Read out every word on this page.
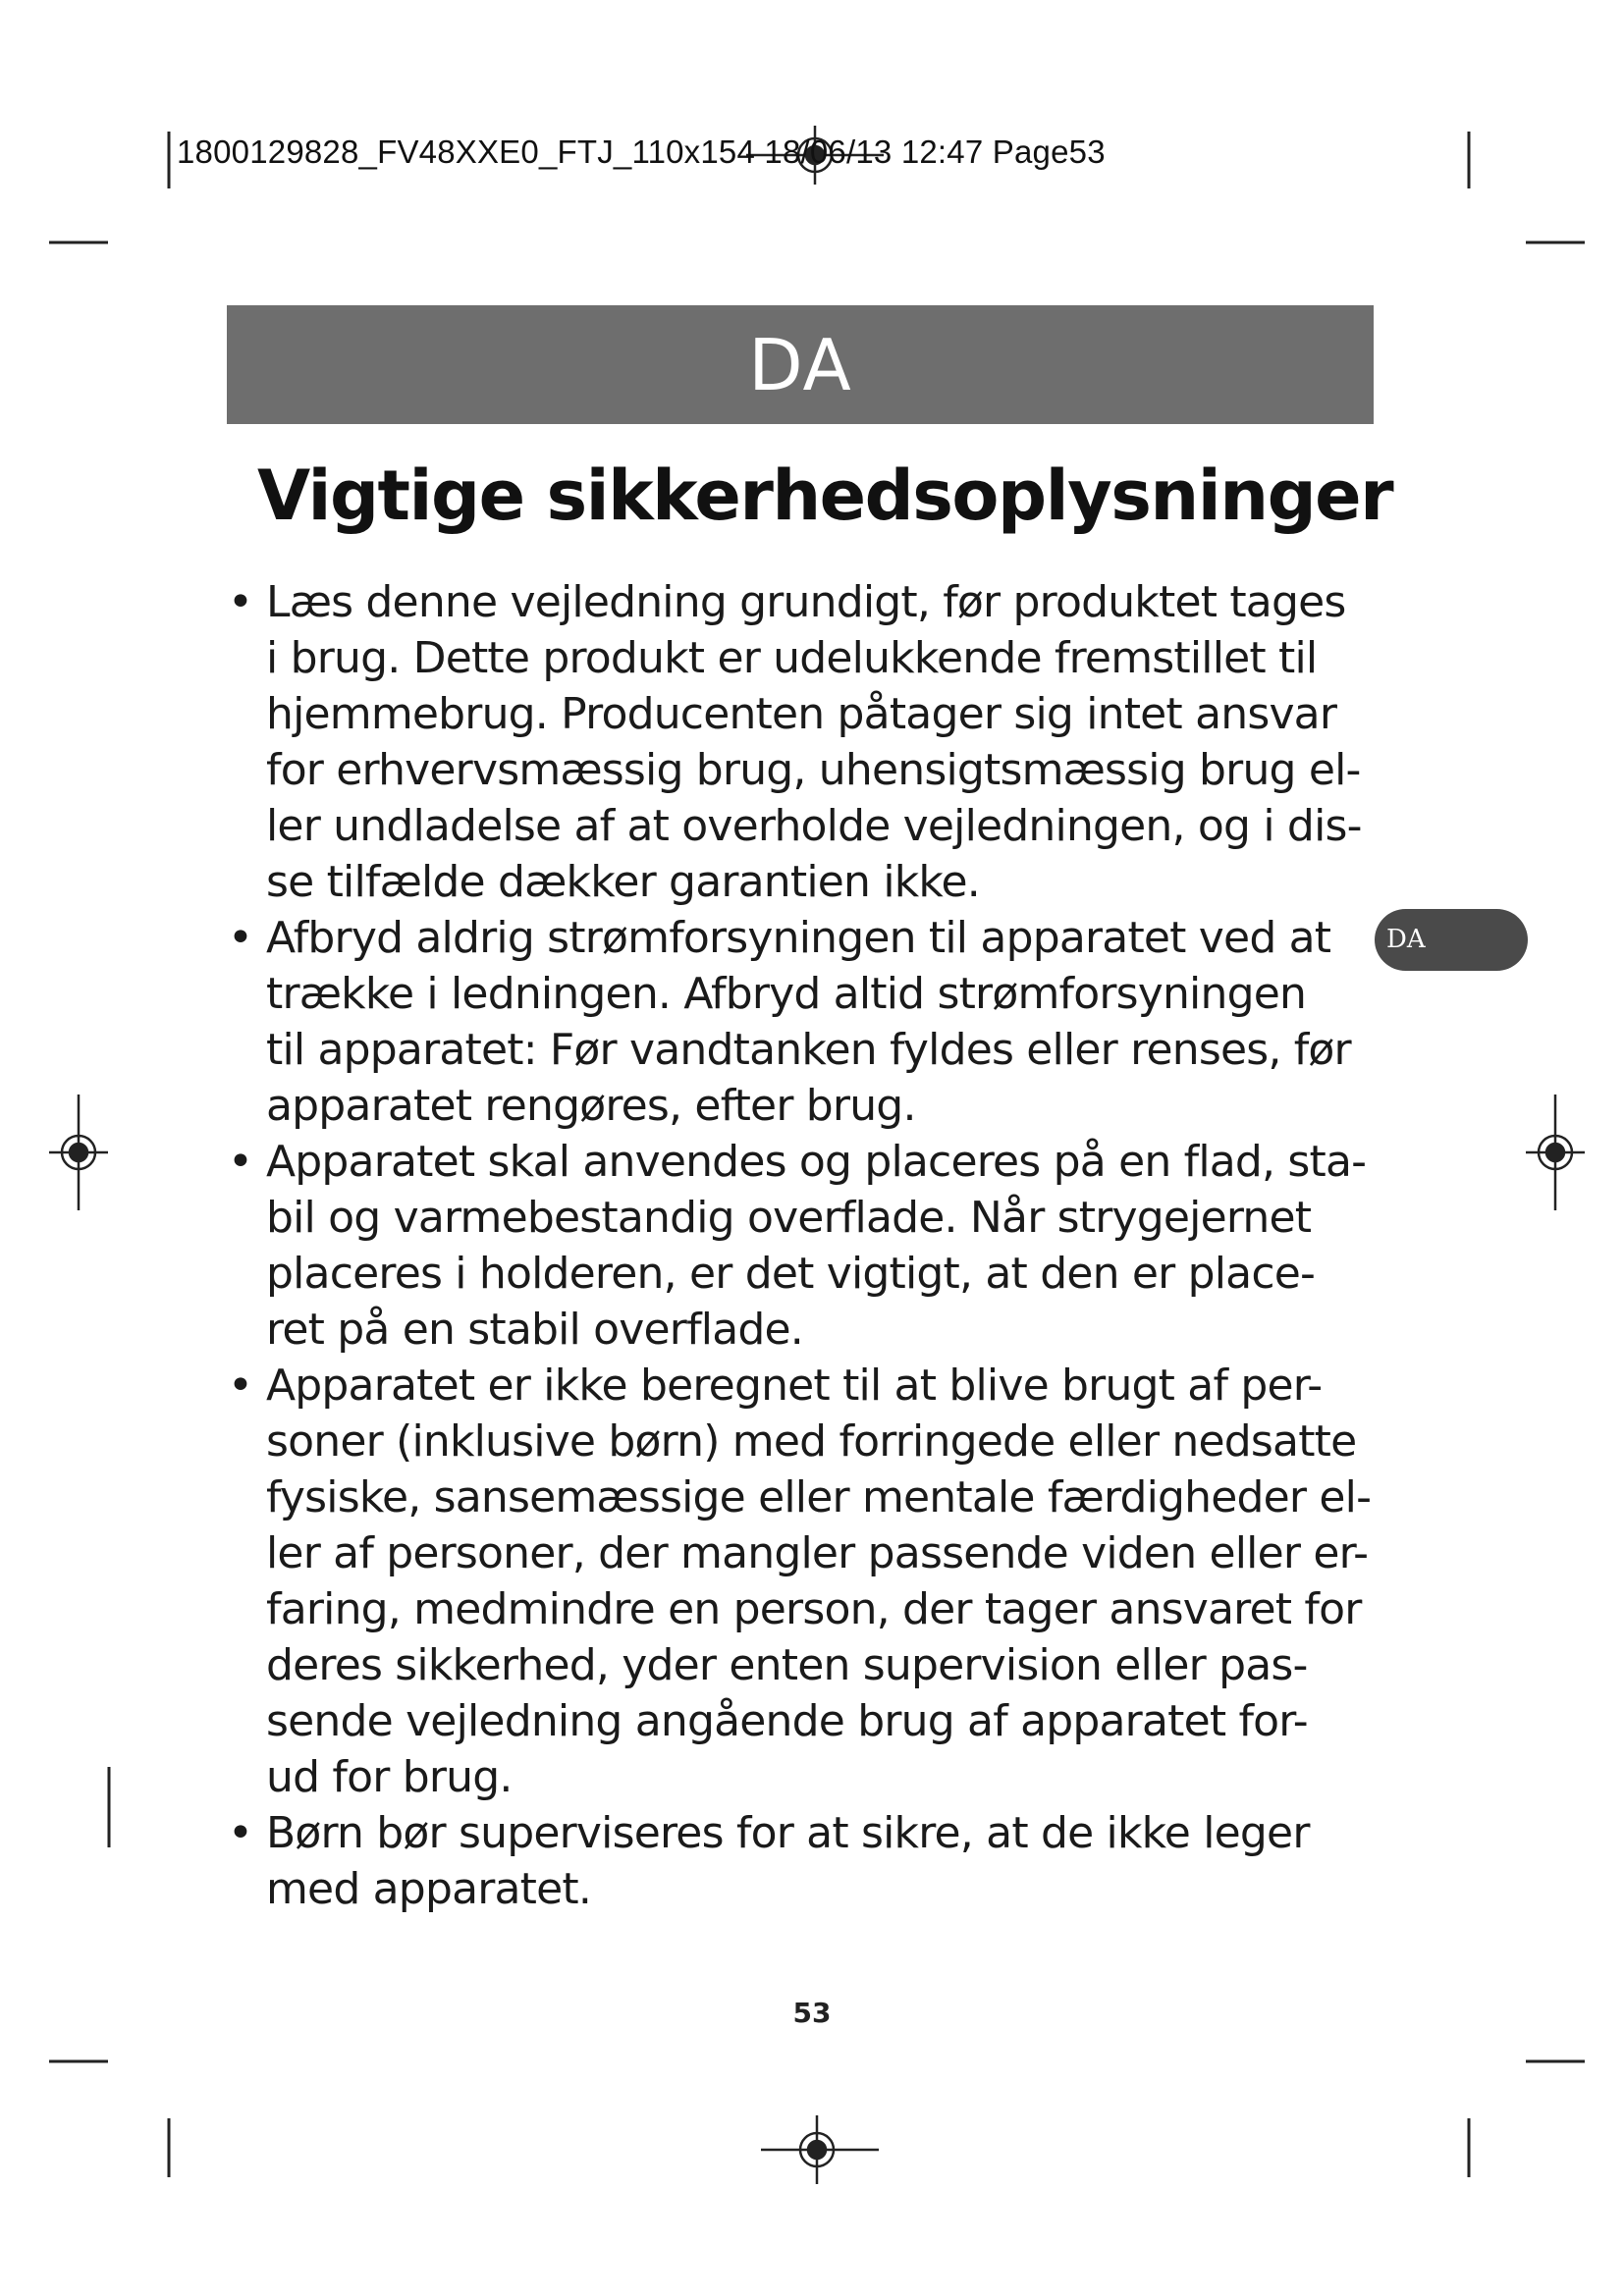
1800129828_FV48XXE0_FTJ_110x154 18/06/13 12:47 Page53
DA
Vigtige sikkerhedsoplysninger
• Læs denne vejledning grundigt, før produktet tages
i brug. Dette produkt er udelukkende fremstillet til
hjemmebrug. Producenten påtager sig intet ansvar
for erhvervsmæssig brug, uhensigtsmæssig brug el-
ler undladelse af at overholde vejledningen, og i dis-
se tilfælde dækker garantien ikke.
• Afbryd aldrig strømforsyningen til apparatet ved at
trække i ledningen. Afbryd altid strømforsyningen
til apparatet: Før vandtanken fyldes eller renses, før
apparatet rengøres, efter brug.
• Apparatet skal anvendes og placeres på en flad, sta-
bil og varmebestandig overflade. Når strygejernet
placeres i holderen, er det vigtigt, at den er place-
ret på en stabil overflade.
• Apparatet er ikke beregnet til at blive brugt af per-
soner (inklusive børn) med forringede eller nedsatte
fysiske, sansemæssige eller mentale færdigheder el-
ler af personer, der mangler passende viden eller er-
faring, medmindre en person, der tager ansvaret for
deres sikkerhed, yder enten supervision eller pas-
sende vejledning angående brug af apparatet for-
ud for brug.
• Børn bør superviseres for at sikre, at de ikke leger
med apparatet.
DA
53
